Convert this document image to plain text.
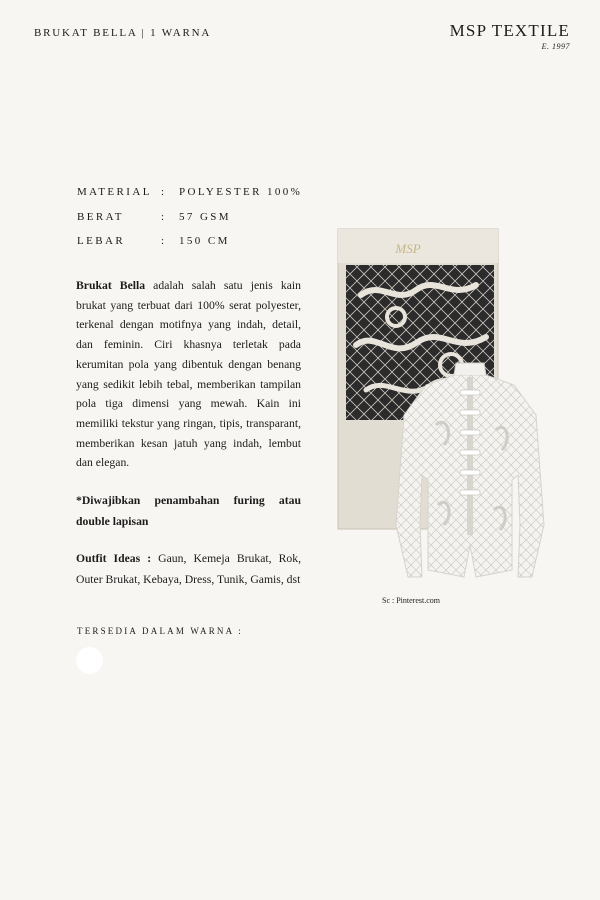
BRUKAT BELLA | 1 WARNA	MSP TEXTILE
E. 1997
MATERIAL :	POLYESTER 100%
BERAT	:	57 GSM
LEBAR	:	150 CM
Brukat Bella adalah salah satu jenis kain brukat yang terbuat dari 100% serat polyester, terkenal dengan motifnya yang indah, detail, dan feminin. Ciri khasnya terletak pada kerumitan pola yang dibentuk dengan benang yang sedikit lebih tebal, memberikan tampilan pola tiga dimensi yang mewah. Kain ini memiliki tekstur yang ringan, tipis, transparant, memberikan kesan jatuh yang indah, lembut dan elegan.
*Diwajibkan penambahan furing atau double lapisan
Outfit Ideas : Gaun, Kemeja Brukat, Rok, Outer Brukat, Kebaya, Dress, Tunik, Gamis, dst
TERSEDIA DALAM WARNA :
MSP
Sc : Pinterest.com
